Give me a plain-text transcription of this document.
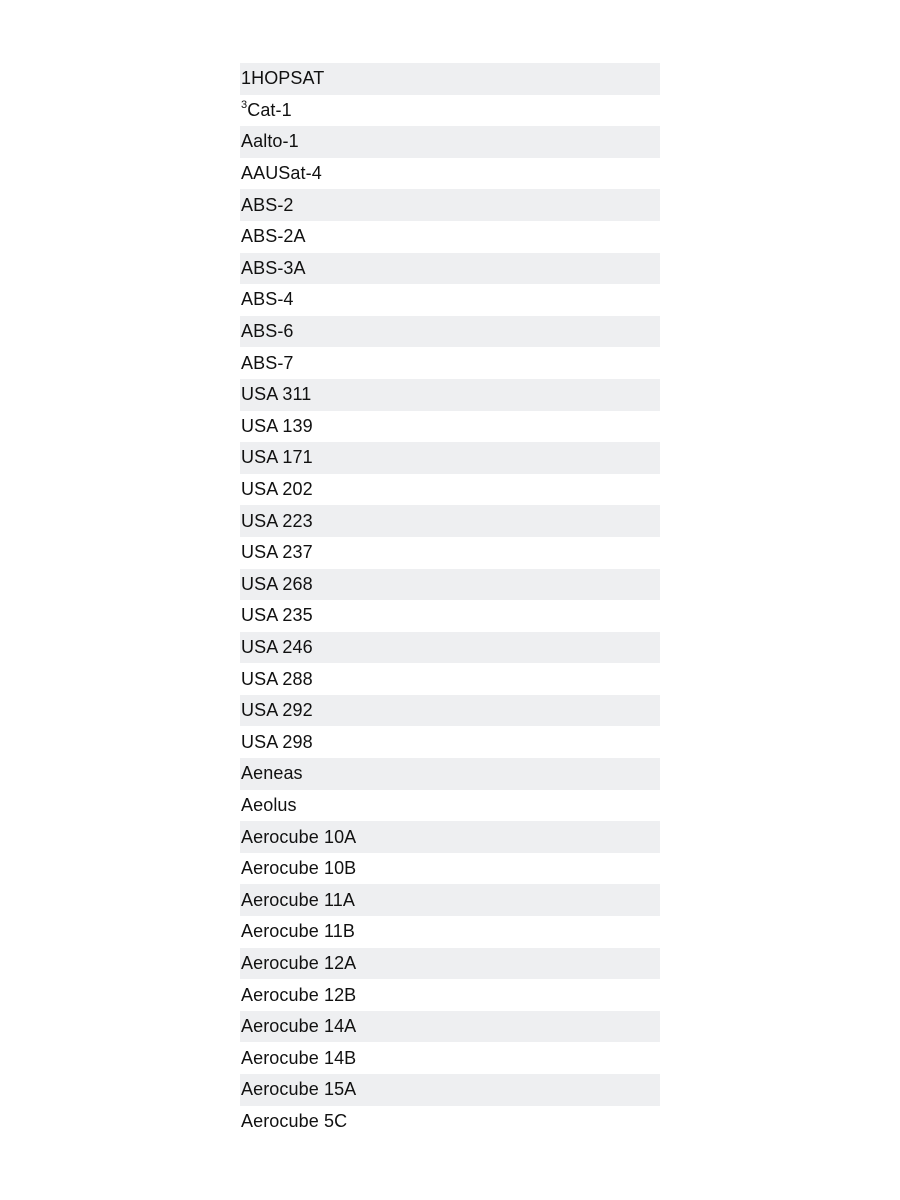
1HOPSAT
3 Cat-1
Aalto-1
AAUSat-4
ABS-2
ABS-2A
ABS-3A
ABS-4
ABS-6
ABS-7
USA 311
USA 139
USA 171
USA 202
USA 223
USA 237
USA 268
USA 235
USA 246
USA 288
USA 292
USA 298
Aeneas
Aeolus
Aerocube 10A
Aerocube 10B
Aerocube 11A
Aerocube 11B
Aerocube 12A
Aerocube 12B
Aerocube 14A
Aerocube 14B
Aerocube 15A
Aerocube 5C
